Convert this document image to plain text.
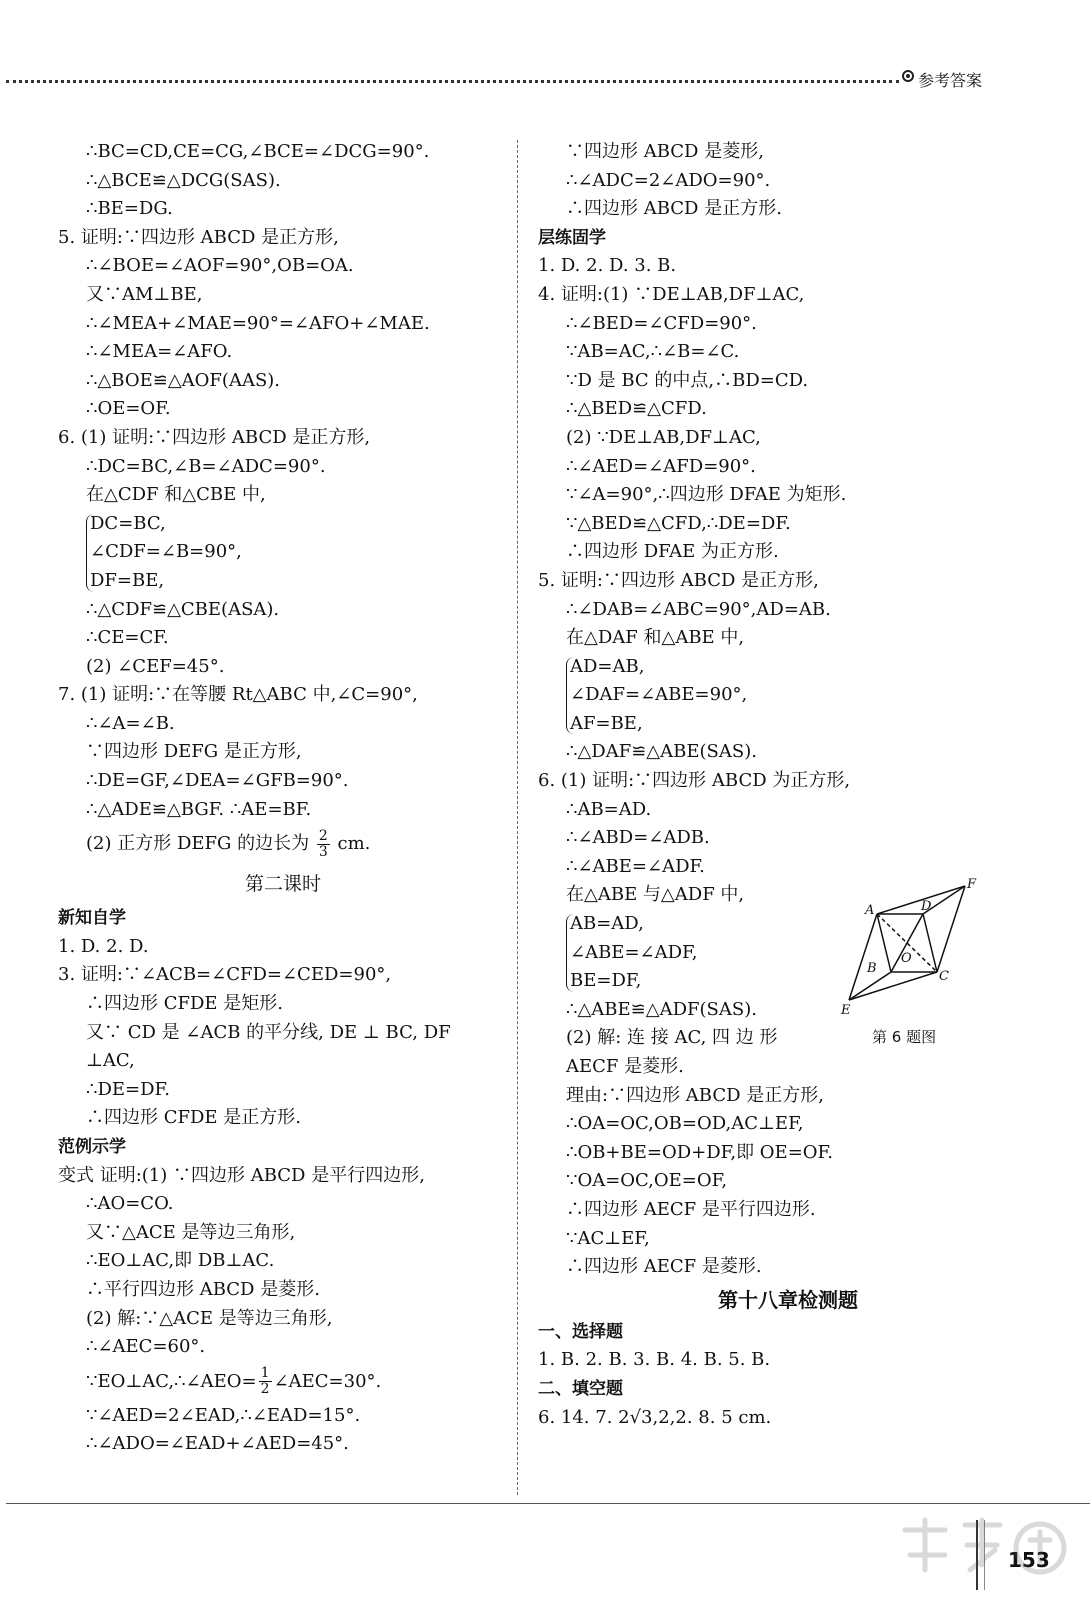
参考答案
∴BC=CD,CE=CG,∠BCE=∠DCG=90°.
∴△BCE≌△DCG(SAS).
∴BE=DG.
5. 证明:∵四边形 ABCD 是正方形,
∴∠BOE=∠AOF=90°,OB=OA.
又∵AM⊥BE,
∴∠MEA+∠MAE=90°=∠AFO+∠MAE.
∴∠MEA=∠AFO.
∴△BOE≌△AOF(AAS).
∴OE=OF.
6. (1) 证明:∵四边形 ABCD 是正方形,
∴DC=BC,∠B=∠ADC=90°.
在△CDF 和△CBE 中,
DC=BC,
∠CDF=∠B=90°,
DF=BE,
∴△CDF≌△CBE(ASA).
∴CE=CF.
(2) ∠CEF=45°.
7. (1) 证明:∵在等腰 Rt△ABC 中,∠C=90°,
∴∠A=∠B.
∵四边形 DEFG 是正方形,
∴DE=GF,∠DEA=∠GFB=90°.
∴△ADE≌△BGF. ∴AE=BF.
(2) 正方形 DEFG 的边长为 $\frac{2}{3}$ cm.
第二课时
新知自学
1. D. 2. D.
3. 证明:∵∠ACB=∠CFD=∠CED=90°,
∴四边形 CFDE 是矩形.
又∵ CD 是 ∠ACB 的平分线, DE ⊥ BC, DF
⊥AC,
∴DE=DF.
∴四边形 CFDE 是正方形.
范例示学
变式 证明:(1) ∵四边形 ABCD 是平行四边形,
∴AO=CO.
又∵△ACE 是等边三角形,
∴EO⊥AC,即 DB⊥AC.
∴平行四边形 ABCD 是菱形.
(2) 解:∵△ACE 是等边三角形,
∴∠AEC=60°.
∵EO⊥AC,∴∠AEO= $\frac{1}{2}$ ∠AEC=30°.
∵∠AED=2∠EAD,∴∠EAD=15°.
∴∠ADO=∠EAD+∠AED=45°.
∵四边形 ABCD 是菱形,
∴∠ADC=2∠ADO=90°.
∴四边形 ABCD 是正方形.
层练固学
1. D. 2. D. 3. B.
4. 证明:(1) ∵DE⊥AB,DF⊥AC,
∴∠BED=∠CFD=90°.
∵AB=AC,∴∠B=∠C.
∵D 是 BC 的中点,∴BD=CD.
∴△BED≌△CFD.
(2) ∵DE⊥AB,DF⊥AC,
∴∠AED=∠AFD=90°.
∵∠A=90°,∴四边形 DFAE 为矩形.
∵△BED≌△CFD,∴DE=DF.
∴四边形 DFAE 为正方形.
5. 证明:∵四边形 ABCD 是正方形,
∴∠DAB=∠ABC=90°,AD=AB.
在△DAF 和△ABE 中,
AD=AB,
∠DAF=∠ABE=90°,
AF=BE,
∴△DAF≌△ABE(SAS).
6. (1) 证明:∵四边形 ABCD 为正方形,
∴AB=AD.
∴∠ABD=∠ADB.
∴∠ABE=∠ADF.
在△ABE 与△ADF 中,
AB=AD,
∠ABE=∠ADF,
BE=DF,
∴△ABE≌△ADF(SAS).
(2) 解: 连 接 AC, 四 边 形
AECF 是菱形.
理由:∵四边形 ABCD 是正方形,
∴OA=OC,OB=OD,AC⊥EF,
∴OB+BE=OD+DF,即 OE=OF.
∵OA=OC,OE=OF,
∴四边形 AECF 是平行四边形.
∵AC⊥EF,
∴四边形 AECF 是菱形.
第十八章检测题
一、选择题
1. B. 2. B. 3. B. 4. B. 5. B.
二、填空题
6. 14. 7. 2√3,2,2. 8. 5 cm.
A	D
F
O
B
C
E
第 6 题图
153
